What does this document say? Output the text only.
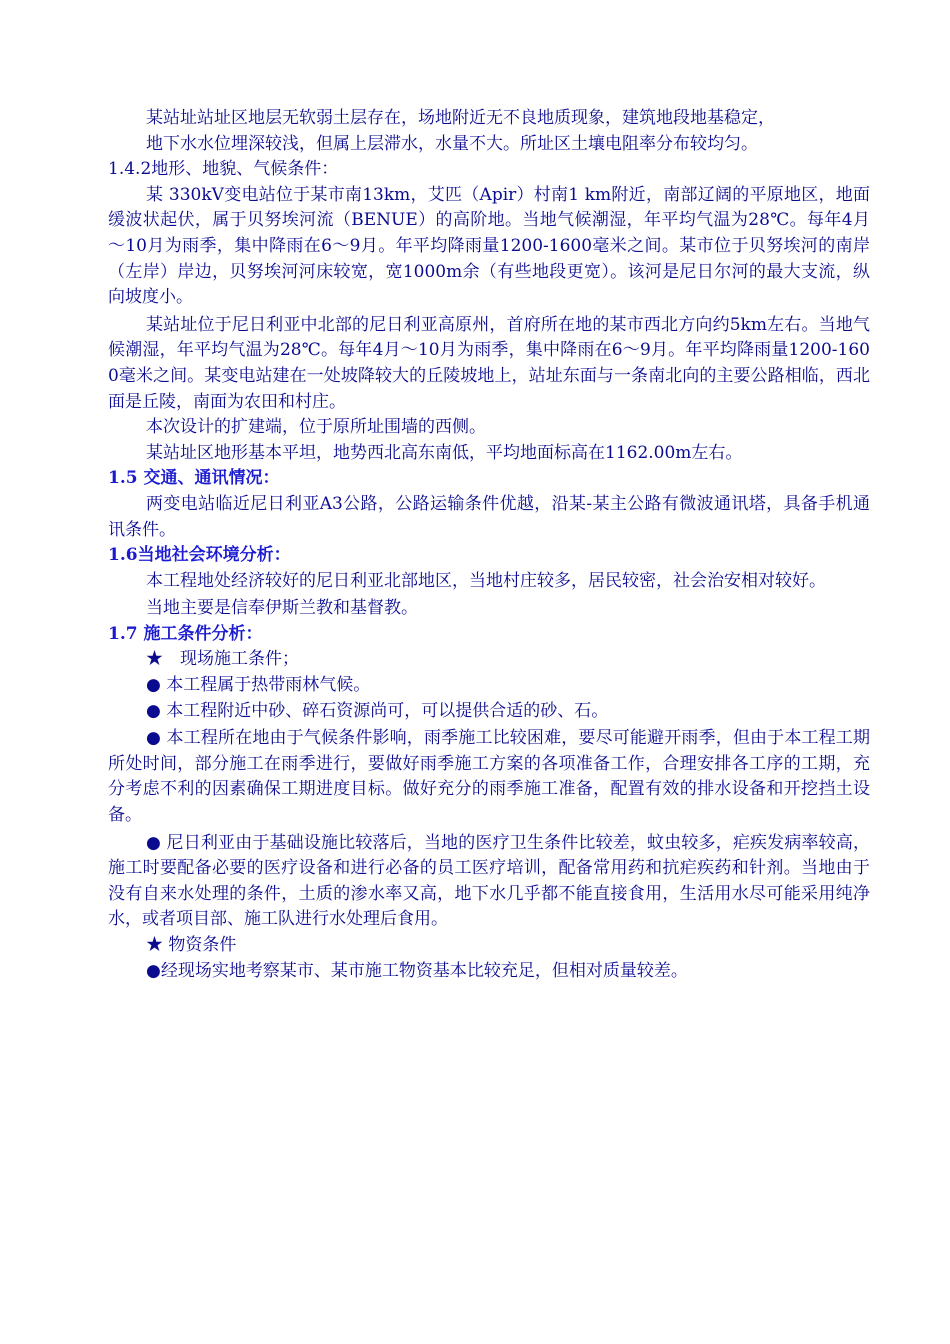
某站址站址区地层无软弱土层存在，场地附近无不良地质现象，建筑地段地基稳定，

地下水水位埋深较浅，但属上层滞水，水量不大。所址区土壤电阻率分布较均匀。

1.4.2地形、地貌、气候条件：

某 330kV变电站位于某市南13km，艾匹（Apir）村南1 km附近，南部辽阔的平原地区，地面缓波状起伏，属于贝努埃河流（BENUE）的高阶地。当地气候潮湿，年平均气温为28℃。每年4月～10月为雨季，集中降雨在6～9月。年平均降雨量1200-1600毫米之间。某市位于贝努埃河的南岸（左岸）岸边，贝努埃河河床较宽，宽1000m余（有些地段更宽）。该河是尼日尔河的最大支流，纵向坡度小。

某站址位于尼日利亚中北部的尼日利亚高原州，首府所在地的某市西北方向约5km左右。当地气候潮湿，年平均气温为28℃。每年4月～10月为雨季，集中降雨在6～9月。年平均降雨量1200-1600毫米之间。某变电站建在一处坡降较大的丘陵坡地上，站址东面与一条南北向的主要公路相临，西北面是丘陵，南面为农田和村庄。

本次设计的扩建端，位于原所址围墙的西侧。

某站址区地形基本平坦，地势西北高东南低，平均地面标高在1162.00m左右。

1.5 交通、通讯情况：

两变电站临近尼日利亚A3公路，公路运输条件优越，沿某-某主公路有微波通讯塔，具备手机通讯条件。

1.6当地社会环境分析：

本工程地处经济较好的尼日利亚北部地区，当地村庄较多，居民较密，社会治安相对较好。

当地主要是信奉伊斯兰教和基督教。

1.7 施工条件分析：

★　现场施工条件；

● 本工程属于热带雨林气候。

● 本工程附近中砂、碎石资源尚可，可以提供合适的砂、石。

● 本工程所在地由于气候条件影响，雨季施工比较困难，要尽可能避开雨季，但由于本工程工期所处时间，部分施工在雨季进行，要做好雨季施工方案的各项准备工作，合理安排各工序的工期，充分考虑不利的因素确保工期进度目标。做好充分的雨季施工准备，配置有效的排水设备和开挖挡土设备。

● 尼日利亚由于基础设施比较落后，当地的医疗卫生条件比较差，蚊虫较多，疟疾发病率较高，施工时要配备必要的医疗设备和进行必备的员工医疗培训，配备常用药和抗疟疾药和针剂。当地由于没有自来水处理的条件，土质的渗水率又高，地下水几乎都不能直接食用，生活用水尽可能采用纯净水，或者项目部、施工队进行水处理后食用。

★ 物资条件

●经现场实地考察某市、某市施工物资基本比较充足，但相对质量较差。
